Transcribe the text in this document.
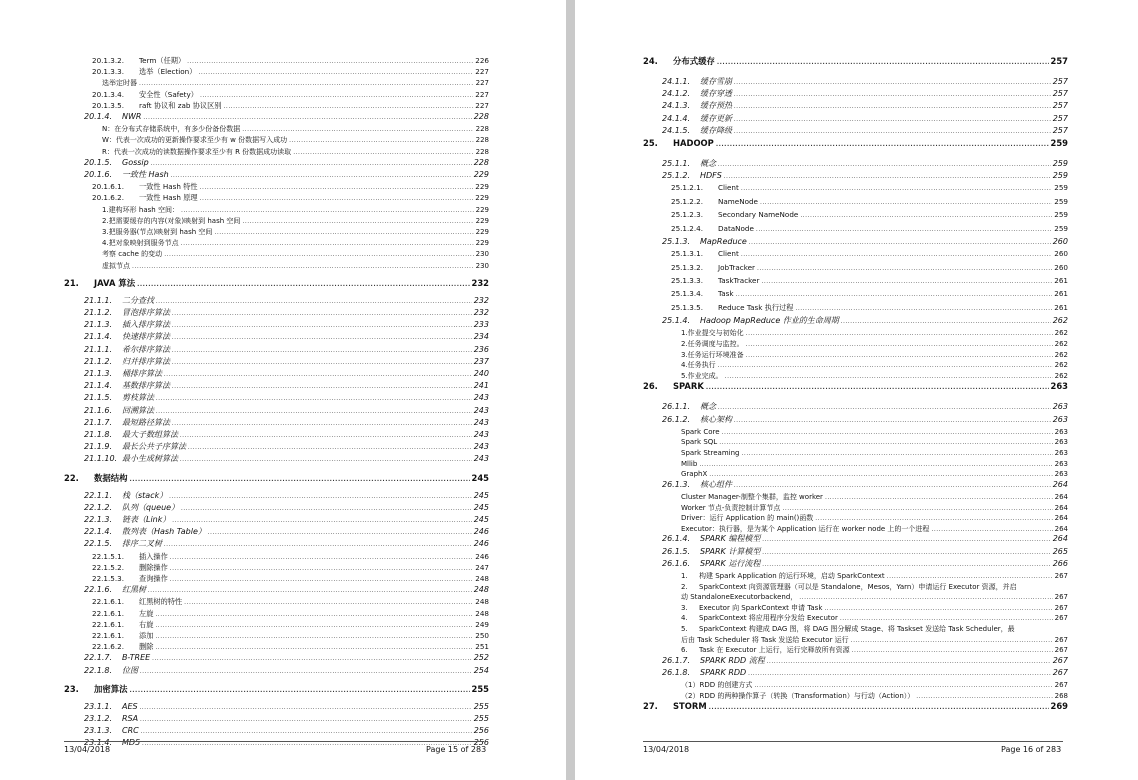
20.1.3.2. Term（任期） .....	226
20.1.3.3. 选举（Election） .....	227
选举定时器 .....	227
20.1.3.4. 安全性（Safety） .....	227
20.1.3.5. raft 协议和 zab 协议区别 .....	227
20.1.4. NWR .....	228
N：在分布式存储系统中，有多少份备份数据 .....	228
W：代表一次成功的更新操作要求至少有 w 份数据写入成功 .....	228
R：代表一次成功的读数据操作要求至少有 R 份数据成功读取 .....	228
20.1.5. Gossip .....	228
20.1.6. 一致性 Hash .....	229
20.1.6.1. 一致性 Hash 特性 .....	229
20.1.6.2. 一致性 Hash 原理 .....	229
1.建构环形 hash 空间： .....	229
2.把需要缓存的内容(对象)映射到 hash 空间 .....	229
3.把服务器(节点)映射到 hash 空间 .....	229
4.把对象映射到服务节点 .....	229
考察 cache 的变动 .....	230
虚拟节点 .....	230
21. JAVA 算法 .....	232
21.1.1. 二分查找 .....	232
21.1.2. 冒泡排序算法 .....	232
21.1.3. 插入排序算法 .....	233
21.1.4. 快速排序算法 .....	234
21.1.1. 希尔排序算法 .....	236
21.1.2. 归并排序算法 .....	237
21.1.3. 桶排序算法 .....	240
21.1.4. 基数排序算法 .....	241
21.1.5. 剪枝算法 .....	243
21.1.6. 回溯算法 .....	243
21.1.7. 最短路径算法 .....	243
21.1.8. 最大子数组算法 .....	243
21.1.9. 最长公共子序算法 .....	243
21.1.10. 最小生成树算法 .....	243
22. 数据结构 .....	245
22.1.1. 栈（stack） .....	245
22.1.2. 队列（queue） .....	245
22.1.3. 链表（Link） .....	245
22.1.4. 散列表（Hash Table） .....	246
22.1.5. 排序二叉树 .....	246
22.1.5.1. 插入操作 .....	246
22.1.5.2. 删除操作 .....	247
22.1.5.3. 查询操作 .....	248
22.1.6. 红黑树 .....	248
22.1.6.1. 红黑树的特性 .....	248
22.1.6.1. 左旋 .....	248
22.1.6.1. 右旋 .....	249
22.1.6.1. 添加 .....	250
22.1.6.2. 删除 .....	251
22.1.7. B-TREE .....	252
22.1.8. 位图 .....	254
23. 加密算法 .....	255
23.1.1. AES .....	255
23.1.2. RSA .....	255
23.1.3. CRC .....	256
23.1.4. MD5 .....	256
13/04/2018	Page 15 of 283
24. 分布式缓存 .....	257
24.1.1. 缓存雪崩 .....	257
24.1.2. 缓存穿透 .....	257
24.1.3. 缓存预热 .....	257
24.1.4. 缓存更新 .....	257
24.1.5. 缓存降级 .....	257
25. HADOOP .....	259
25.1.1. 概念 .....	259
25.1.2. HDFS .....	259
25.1.2.1. Client .....	259
25.1.2.2. NameNode .....	259
25.1.2.3. Secondary NameNode .....	259
25.1.2.4. DataNode .....	259
25.1.3. MapReduce .....	260
25.1.3.1. Client .....	260
25.1.3.2. JobTracker .....	260
25.1.3.3. TaskTracker .....	261
25.1.3.4. Task .....	261
25.1.3.5. Reduce Task 执行过程 .....	261
25.1.4. Hadoop MapReduce 作业的生命周期 .....	262
1.作业提交与初始化 .....	262
2.任务调度与监控。 .....	262
3.任务运行环境准备 .....	262
4.任务执行 .....	262
5.作业完成。 .....	262
26. SPARK .....	263
26.1.1. 概念 .....	263
26.1.2. 核心架构 .....	263
Spark Core .....	263
Spark SQL .....	263
Spark Streaming .....	263
Mllib .....	263
GraphX .....	263
26.1.3. 核心组件 .....	264
Cluster Manager-制整个集群，监控 worker .....	264
Worker 节点-负责控制计算节点 .....	264
Driver：运行 Application 的 main()函数 .....	264
Executor：执行器，是为某个 Application 运行在 worker node 上的一个进程 .....	264
26.1.4. SPARK 编程模型 .....	264
26.1.5. SPARK 计算模型 .....	265
26.1.6. SPARK 运行流程 .....	266
1. 构建 Spark Application 的运行环境，启动 SparkContext .....	267
2. SparkContext 向资源管理器（可以是 Standalone，Mesos，Yarn）申请运行 Executor 资源，并启
动 StandaloneExecutorbackend， .....	267
3. Executor 向 SparkContext 申请 Task .....	267
4. SparkContext 将应用程序分发给 Executor .....	267
5. SparkContext 构建成 DAG 图，将 DAG 图分解成 Stage、将 Taskset 发送给 Task Scheduler，最
后由 Task Scheduler 将 Task 发送给 Executor 运行 .....	267
6. Task 在 Executor 上运行，运行完释放所有资源 .....	267
26.1.7. SPARK RDD 流程 .....	267
26.1.8. SPARK RDD .....	267
（1）RDD 的创建方式 .....	267
（2）RDD 的两种操作算子（转换（Transformation）与行动（Action）） .....	268
27. STORM .....	269
13/04/2018	Page 16 of 283
